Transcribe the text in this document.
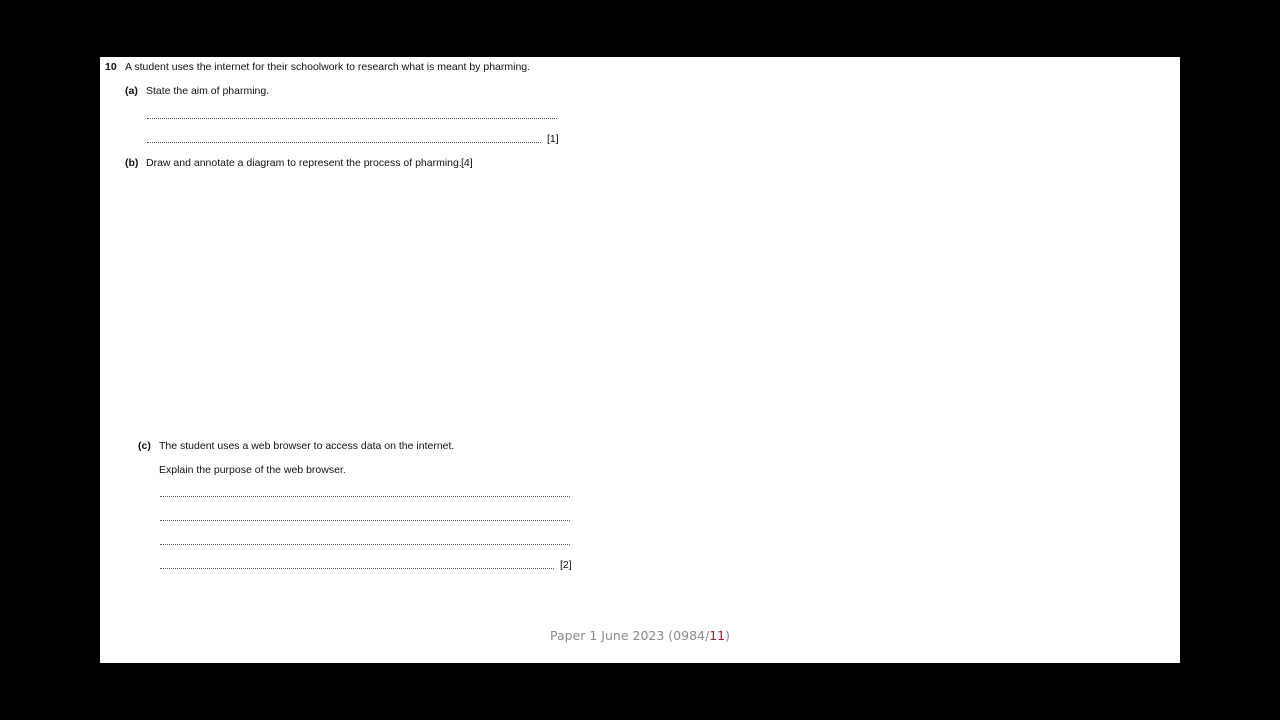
10 A student uses the internet for their schoolwork to research what is meant by pharming.
(a) State the aim of pharming.
[1]
(b) Draw and annotate a diagram to represent the process of pharming. [4]
(c) The student uses a web browser to access data on the internet.
Explain the purpose of the web browser.
[2]
Paper 1 June 2023 (0984/11)
